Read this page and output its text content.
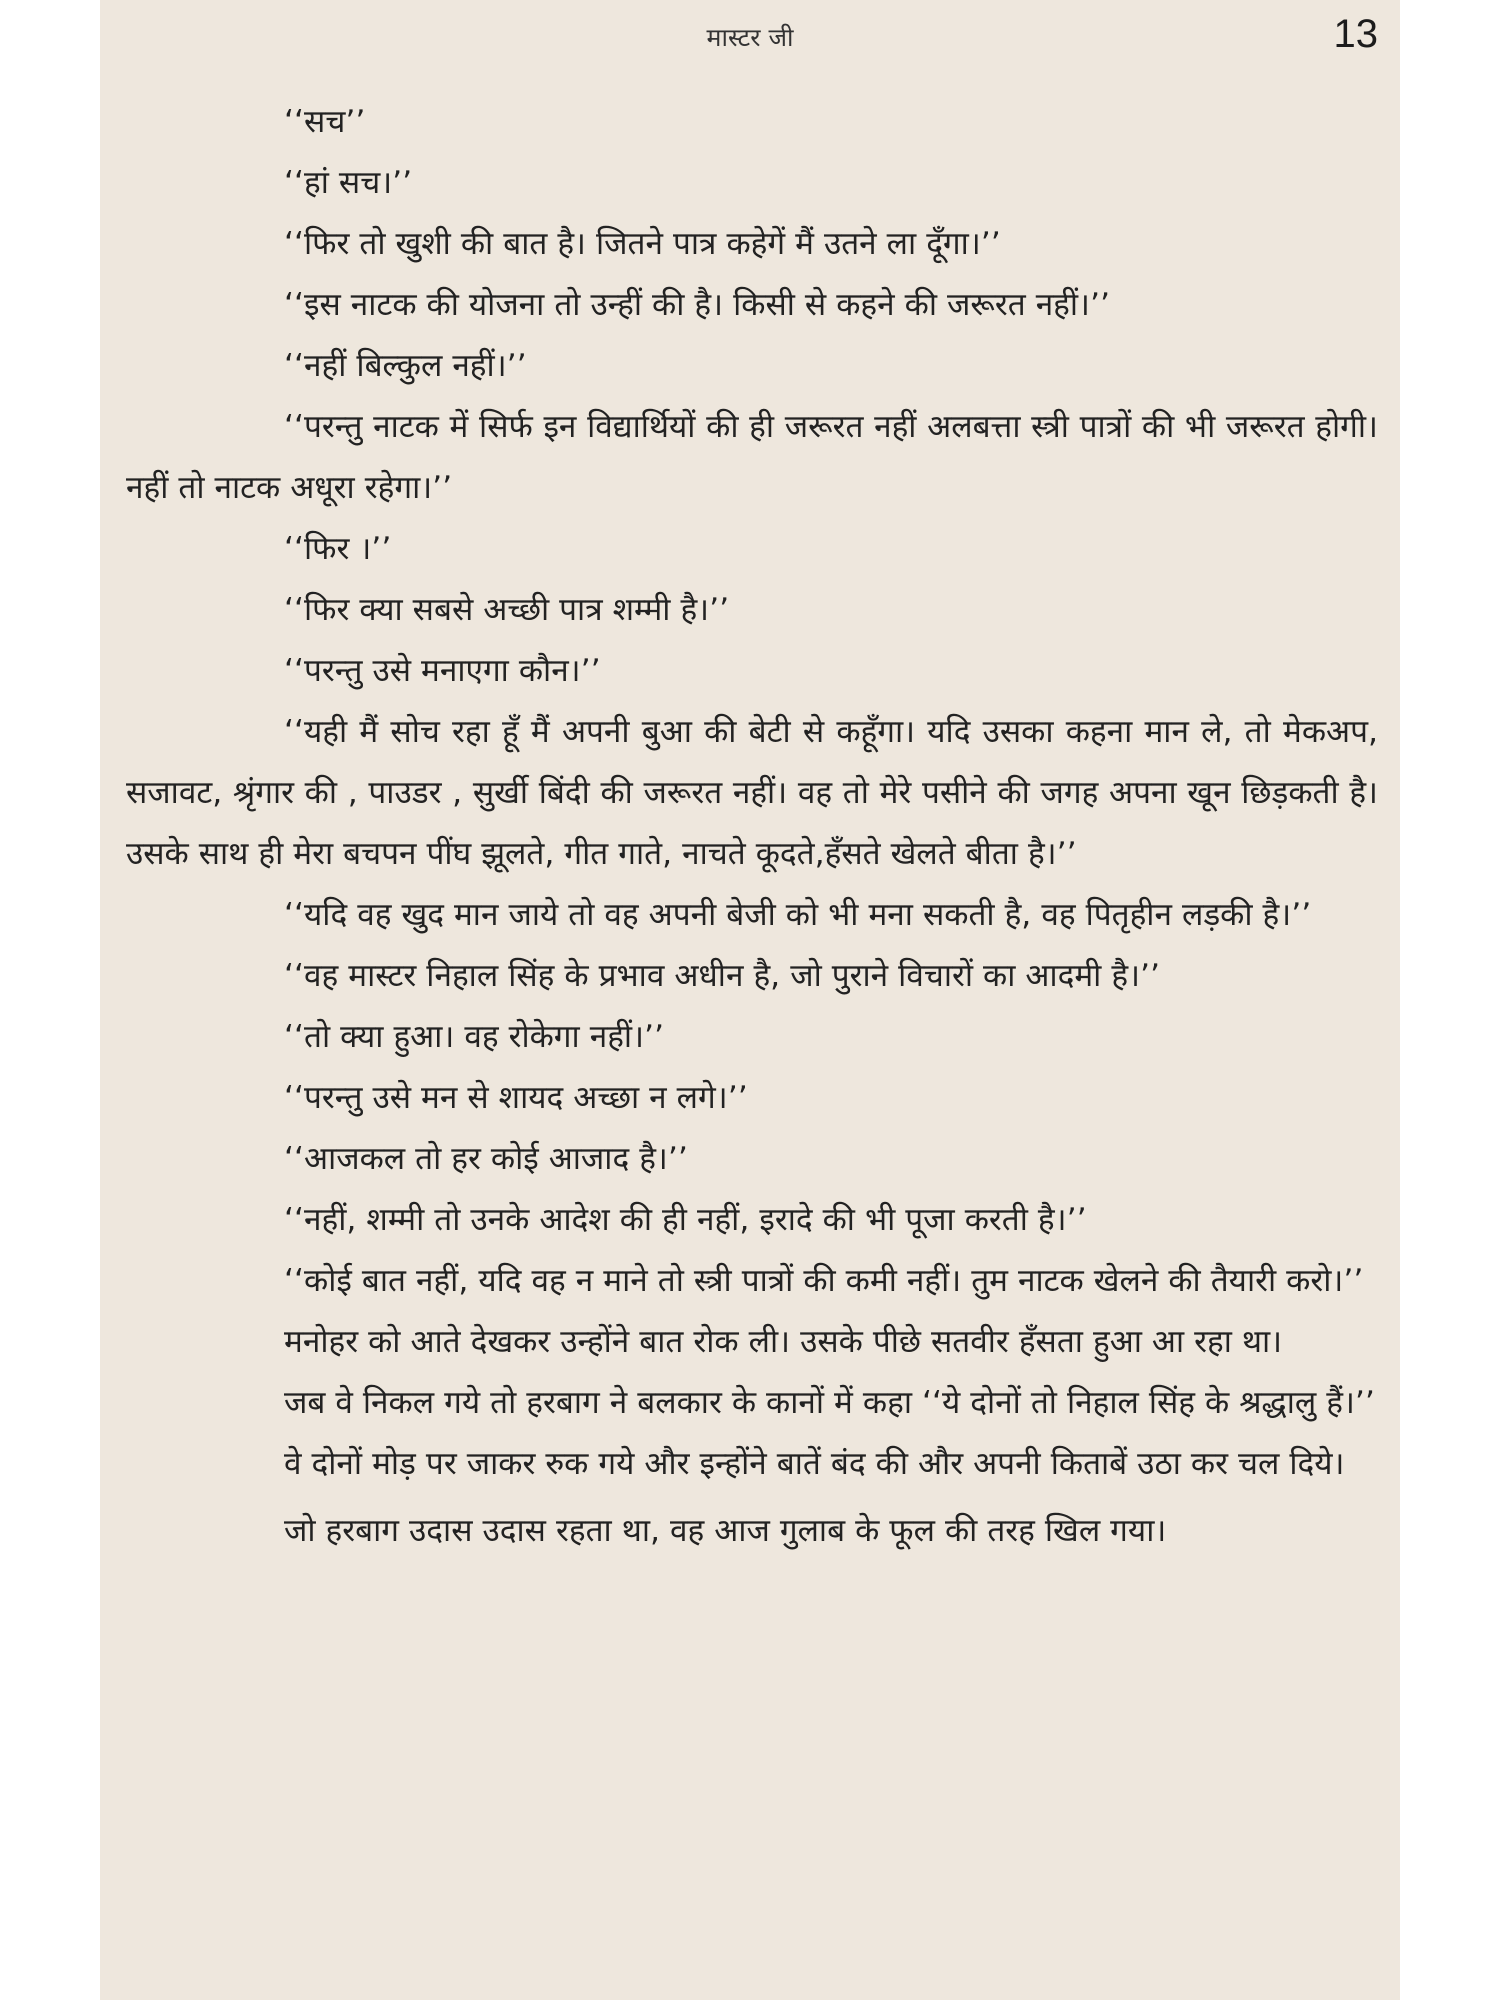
मास्टर जी	13

‘‘सच’’

‘‘हां सच।’’

‘‘फिर तो खुशी की बात है। जितने पात्र कहेगें मैं उतने ला दूँगा।’’

‘‘इस नाटक की योजना तो उन्हीं की है। किसी से कहने की जरूरत नहीं।’’

‘‘नहीं बिल्कुल नहीं।’’

‘‘परन्तु नाटक में सिर्फ इन विद्यार्थियों की ही जरूरत नहीं अलबत्ता स्त्री पात्रों की भी जरूरत होगी। नहीं तो नाटक अधूरा रहेगा।’’

‘‘फिर ।’’

‘‘फिर क्या सबसे अच्छी पात्र शम्मी है।’’

‘‘परन्तु उसे मनाएगा कौन।’’

‘‘यही मैं सोच रहा हूँ मैं अपनी बुआ की बेटी से कहूँगा। यदि उसका कहना मान ले, तो मेकअप, सजावट, श्रृंगार की , पाउडर , सुर्खी बिंदी की जरूरत नहीं। वह तो मेरे पसीने की जगह अपना खून छिड़कती है। उसके साथ ही मेरा बचपन पींघ झूलते, गीत गाते, नाचते कूदते,हँसते खेलते बीता है।’’

‘‘यदि वह खुद मान जाये तो वह अपनी बेजी को भी मना सकती है, वह पितृहीन लड़की है।’’

‘‘वह मास्टर निहाल सिंह के प्रभाव अधीन है, जो पुराने विचारों का आदमी है।’’

‘‘तो क्या हुआ। वह रोकेगा नहीं।’’

‘‘परन्तु उसे मन से शायद अच्छा न लगे।’’

‘‘आजकल तो हर कोई आजाद है।’’

‘‘नहीं, शम्मी तो उनके आदेश की ही नहीं, इरादे की भी पूजा करती है।’’

‘‘कोई बात नहीं, यदि वह न माने तो स्त्री पात्रों की कमी नहीं। तुम नाटक खेलने की तैयारी करो।’’

मनोहर को आते देखकर उन्होंने बात रोक ली। उसके पीछे सतवीर हँसता हुआ आ रहा था।

जब वे निकल गये तो हरबाग ने बलकार के कानों में कहा ‘‘ये दोनों तो निहाल सिंह के श्रद्धालु हैं।’’

वे दोनों मोड़ पर जाकर रुक गये और इन्होंने बातें बंद की और अपनी किताबें उठा कर चल दिये।

जो हरबाग उदास उदास रहता था, वह आज गुलाब के फूल की तरह खिल गया।
